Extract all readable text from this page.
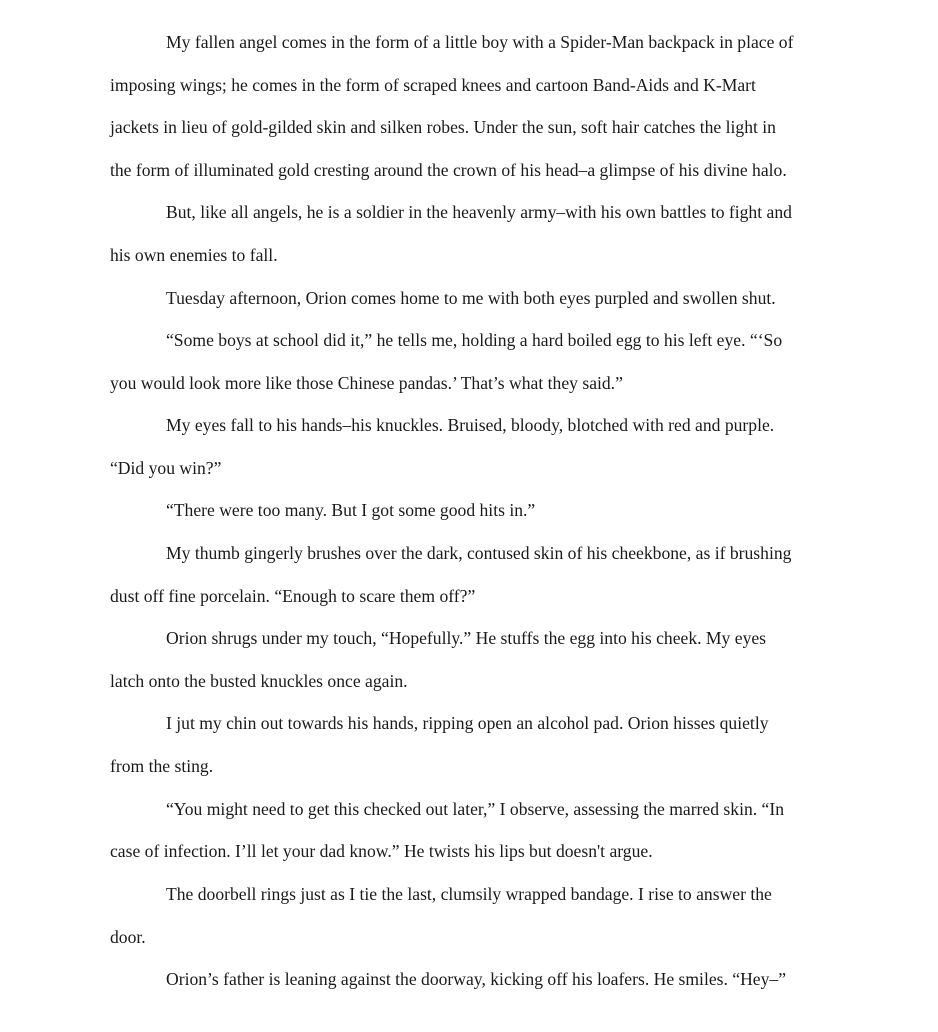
My fallen angel comes in the form of a little boy with a Spider-Man backpack in place of
imposing wings; he comes in the form of scraped knees and cartoon Band-Aids and K-Mart
jackets in lieu of gold-gilded skin and silken robes. Under the sun, soft hair catches the light in
the form of illuminated gold cresting around the crown of his head–a glimpse of his divine halo.
But, like all angels, he is a soldier in the heavenly army–with his own battles to fight and
his own enemies to fall.
Tuesday afternoon, Orion comes home to me with both eyes purpled and swollen shut.
“Some boys at school did it,” he tells me, holding a hard boiled egg to his left eye. “‘So
you would look more like those Chinese pandas.’ That’s what they said.”
My eyes fall to his hands–his knuckles. Bruised, bloody, blotched with red and purple.
“Did you win?”
“There were too many. But I got some good hits in.”
My thumb gingerly brushes over the dark, contused skin of his cheekbone, as if brushing
dust off fine porcelain. “Enough to scare them off?”
Orion shrugs under my touch, “Hopefully.” He stuffs the egg into his cheek. My eyes
latch onto the busted knuckles once again.
I jut my chin out towards his hands, ripping open an alcohol pad. Orion hisses quietly
from the sting.
“You might need to get this checked out later,” I observe, assessing the marred skin. “In
case of infection. I’ll let your dad know.” He twists his lips but doesn't argue.
The doorbell rings just as I tie the last, clumsily wrapped bandage. I rise to answer the
door.
Orion’s father is leaning against the doorway, kicking off his loafers. He smiles. “Hey–”
